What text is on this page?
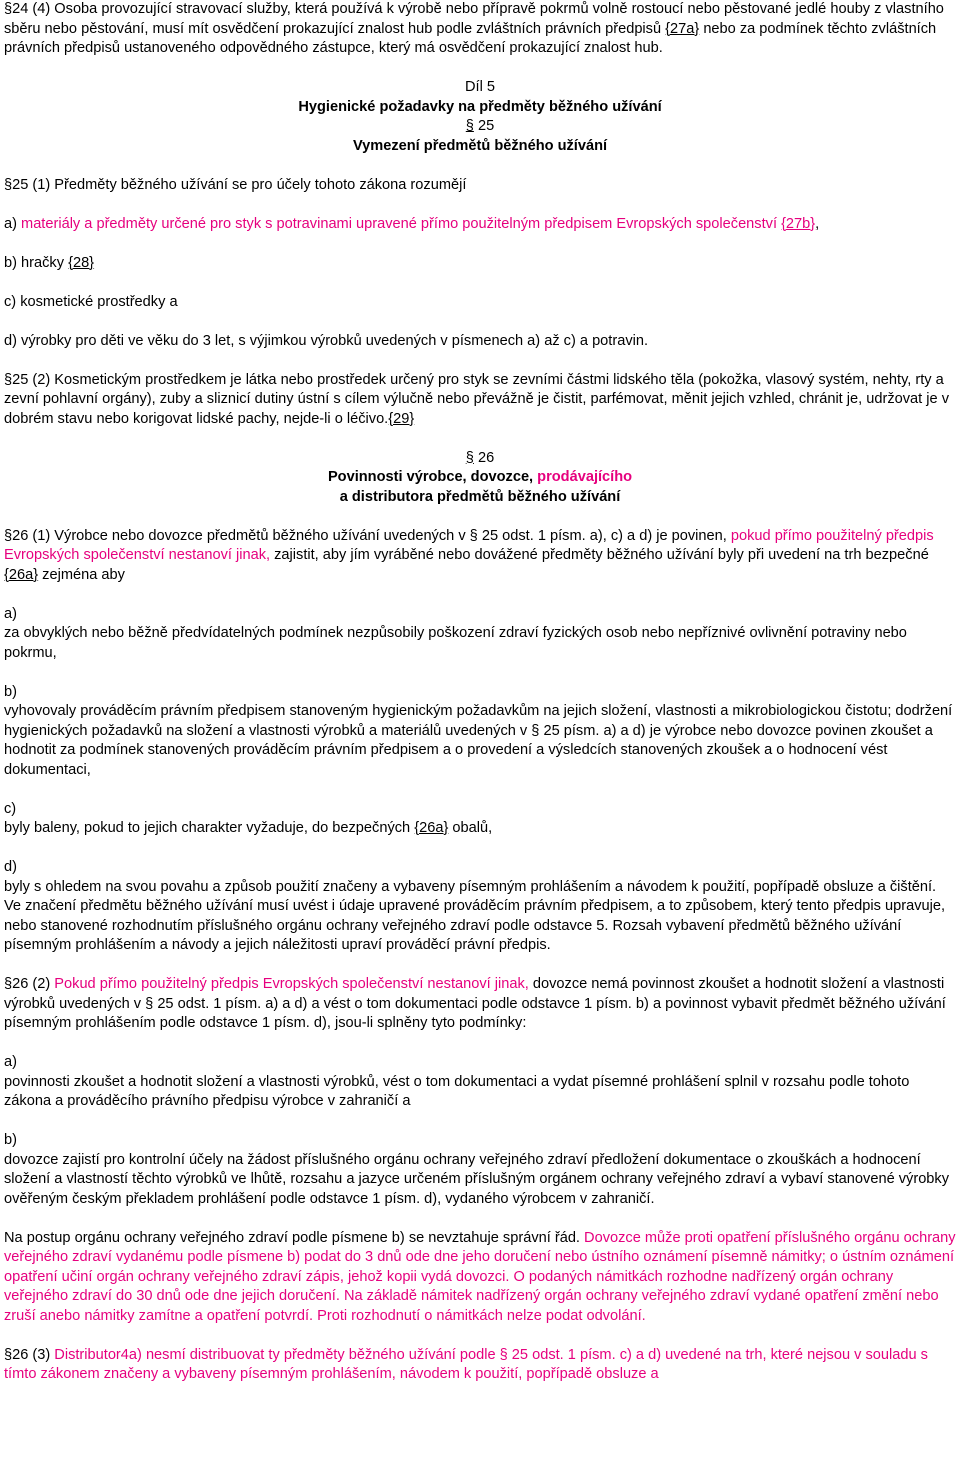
§24 (4) Osoba provozující stravovací služby, která používá k výrobě nebo přípravě pokrmů volně rostoucí nebo pěstované jedlé houby z vlastního sběru nebo pěstování, musí mít osvědčení prokazující znalost hub podle zvláštních právních předpisů {27a} nebo za podmínek těchto zvláštních právních předpisů ustanoveného odpovědného zástupce, který má osvědčení prokazující znalost hub.

Díl 5

Hygienické požadavky na předměty běžného užívání

§ 25

Vymezení předmětů běžného užívání

§25 (1) Předměty běžného užívání se pro účely tohoto zákona rozumějí

a) materiály a předměty určené pro styk s potravinami upravené přímo použitelným předpisem Evropských společenství {27b},

b) hračky {28}

c) kosmetické prostředky a

d) výrobky pro děti ve věku do 3 let, s výjimkou výrobků uvedených v písmenech a) až c) a potravin.

§25 (2) Kosmetickým prostředkem je látka nebo prostředek určený pro styk se zevními částmi lidského těla (pokožka, vlasový systém, nehty, rty a zevní pohlavní orgány), zuby a sliznicí dutiny ústní s cílem výlučně nebo převážně je čistit, parfémovat, měnit jejich vzhled, chránit je, udržovat je v dobrém stavu nebo korigovat lidské pachy, nejde-li o léčivo.{29}

§ 26

Povinnosti výrobce, dovozce, prodávajícího

a distributora předmětů běžného užívání

§26 (1) Výrobce nebo dovozce předmětů běžného užívání uvedených v § 25 odst. 1 písm. a), c) a d) je povinen, pokud přímo použitelný předpis Evropských společenství nestanoví jinak, zajistit, aby jím vyráběné nebo dovážené předměty běžného užívání byly při uvedení na trh bezpečné {26a} zejména aby

a)

za obvyklých nebo běžně předvídatelných podmínek nezpůsobily poškození zdraví fyzických osob nebo nepříznivé ovlivnění potraviny nebo pokrmu,

b)

vyhovovaly prováděcím právním předpisem stanoveným hygienickým požadavkům na jejich složení, vlastnosti a mikrobiologickou čistotu; dodržení hygienických požadavků na složení a vlastnosti výrobků a materiálů uvedených v § 25 písm. a) a d) je výrobce nebo dovozce povinen zkoušet a hodnotit za podmínek stanovených prováděcím právním předpisem a o provedení a výsledcích stanovených zkoušek a o hodnocení vést dokumentaci,

c)

byly baleny, pokud to jejich charakter vyžaduje, do bezpečných {26a} obalů,

d)

byly s ohledem na svou povahu a způsob použití značeny a vybaveny písemným prohlášením a návodem k použití, popřípadě obsluze a čištění. Ve značení předmětu běžného užívání musí uvést i údaje upravené prováděcím právním předpisem, a to způsobem, který tento předpis upravuje, nebo stanovené rozhodnutím příslušného orgánu ochrany veřejného zdraví podle odstavce 5. Rozsah vybavení předmětů běžného užívání písemným prohlášením a návody a jejich náležitosti upraví prováděcí právní předpis.

§26 (2) Pokud přímo použitelný předpis Evropských společenství nestanoví jinak, dovozce nemá povinnost zkoušet a hodnotit složení a vlastnosti výrobků uvedených v § 25 odst. 1 písm. a) a d) a vést o tom dokumentaci podle odstavce 1 písm. b) a povinnost vybavit předmět běžného užívání písemným prohlášením podle odstavce 1 písm. d), jsou-li splněny tyto podmínky:

a)

povinnosti zkoušet a hodnotit složení a vlastnosti výrobků, vést o tom dokumentaci a vydat písemné prohlášení splnil v rozsahu podle tohoto zákona a prováděcího právního předpisu výrobce v zahraničí a

b)

dovozce zajistí pro kontrolní účely na žádost příslušného orgánu ochrany veřejného zdraví předložení dokumentace o zkouškách a hodnocení složení a vlastností těchto výrobků ve lhůtě, rozsahu a jazyce určeném příslušným orgánem ochrany veřejného zdraví a vybaví stanovené výrobky ověřeným českým překladem prohlášení podle odstavce 1 písm. d), vydaného výrobcem v zahraničí.

Na postup orgánu ochrany veřejného zdraví podle písmene b) se nevztahuje správní řád. Dovozce může proti opatření příslušného orgánu ochrany veřejného zdraví vydanému podle písmene b) podat do 3 dnů ode dne jeho doručení nebo ústního oznámení písemně námitky; o ústním oznámení opatření učiní orgán ochrany veřejného zdraví zápis, jehož kopii vydá dovozci. O podaných námitkách rozhodne nadřízený orgán ochrany veřejného zdraví do 30 dnů ode dne jejich doručení. Na základě námitek nadřízený orgán ochrany veřejného zdraví vydané opatření změní nebo zruší anebo námitky zamítne a opatření potvrdí. Proti rozhodnutí o námitkách nelze podat odvolání.

§26 (3) Distributor4a) nesmí distribuovat ty předměty běžného užívání podle § 25 odst. 1 písm. c) a d) uvedené na trh, které nejsou v souladu s tímto zákonem značeny a vybaveny písemným prohlášením, návodem k použití, popřípadě obsluze a
